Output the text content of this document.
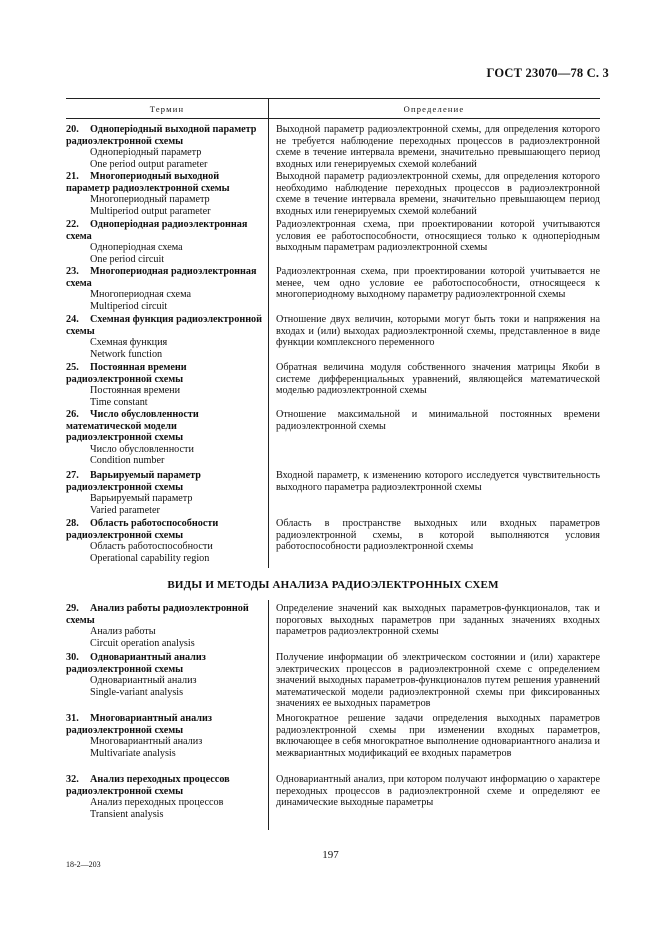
ГОСТ 23070—78 С. 3
Термин	Определение
20. Одноперiодный выходной параметр радиоэлектронной схемы
Одноперiодный параметр
One period output parameter
Выходной параметр радиоэлектронной схемы, для определения которого не требуется наблюдение переходных процессов в радиоэлектронной схеме в течение интервала времени, значительно превышающего период входных или генерируемых схемой колебаний
21. Многопериодный выходной параметр радиоэлектронной схемы
Многопериодный параметр
Multiperiod output parameter
Выходной параметр радиоэлектронной схемы, для определения которого необходимо наблюдение переходных процессов в радиоэлектронной схеме в течение интервала времени, значительно превышающем период входных или генерируемых схемой колебаний
22. Одноперiодная радиоэлектронная схема
Одноперiодная схема
One period circuit
Радиоэлектронная схема, при проектировании которой учитываются условия ее работоспособности, относящиеся только к одноперiодным выходным параметрам радиоэлектронной схемы
23. Многопериодная радиоэлектронная схема
Многопериодная схема
Multiperiod circuit
Радиоэлектронная схема, при проектировании которой учитывается не менее, чем одно условие ее работоспособности, относящееся к многопериодному выходному параметру радиоэлектронной схемы
24. Схемная функция радиоэлектронной схемы
Схемная функция
Network function
Отношение двух величин, которыми могут быть токи и напряжения на входах и (или) выходах радиоэлектронной схемы, представленное в виде функции комплексного переменного
25. Постоянная времени радиоэлектронной схемы
Постоянная времени
Time constant
Обратная величина модуля собственного значения матрицы Якоби в системе дифференциальных уравнений, являющейся математической моделью радиоэлектронной схемы
26. Число обусловленности математической модели радиоэлектронной схемы
Число обусловленности
Condition number
Отношение максимальной и минимальной постоянных времени радиоэлектронной схемы
27. Варьируемый параметр радиоэлектронной схемы
Варьируемый параметр
Varied parameter
Входной параметр, к изменению которого исследуется чувствительность выходного параметра радиоэлектронной схемы
28. Область работоспособности радиоэлектронной схемы
Область работоспособности
Operational capability region
Область в пространстве выходных или входных параметров радиоэлектронной схемы, в которой выполняются условия работоспособности радиоэлектронной схемы
ВИДЫ И МЕТОДЫ АНАЛИЗА РАДИОЭЛЕКТРОННЫХ СХЕМ
29. Анализ работы радиоэлектронной схемы
Анализ работы
Circuit operation analysis
Определение значений как выходных параметров-функционалов, так и пороговых выходных параметров при заданных значениях входных параметров радиоэлектронной схемы
30. Одновариантный анализ радиоэлектронной схемы
Одновариантный анализ
Single-variant analysis
Получение информации об электрическом состоянии и (или) характере электрических процессов в радиоэлектронной схеме с определением значений выходных параметров-функционалов путем решения уравнений математической модели радиоэлектронной схемы при фиксированных значениях ее выходных параметров
31. Многовариантный анализ радиоэлектронной схемы
Многовариантный анализ
Multivariate analysis
Многократное решение задачи определения выходных параметров радиоэлектронной схемы при изменении входных параметров, включающее в себя многократное выполнение одновариантного анализа и межвариантных модификаций ее входных параметров
32. Анализ переходных процессов радиоэлектронной схемы
Анализ переходных процессов
Transient analysis
Одновариантный анализ, при котором получают информацию о характере переходных процессов в радиоэлектронной схеме и определяют ее динамические выходные параметры
18-2—203
197
